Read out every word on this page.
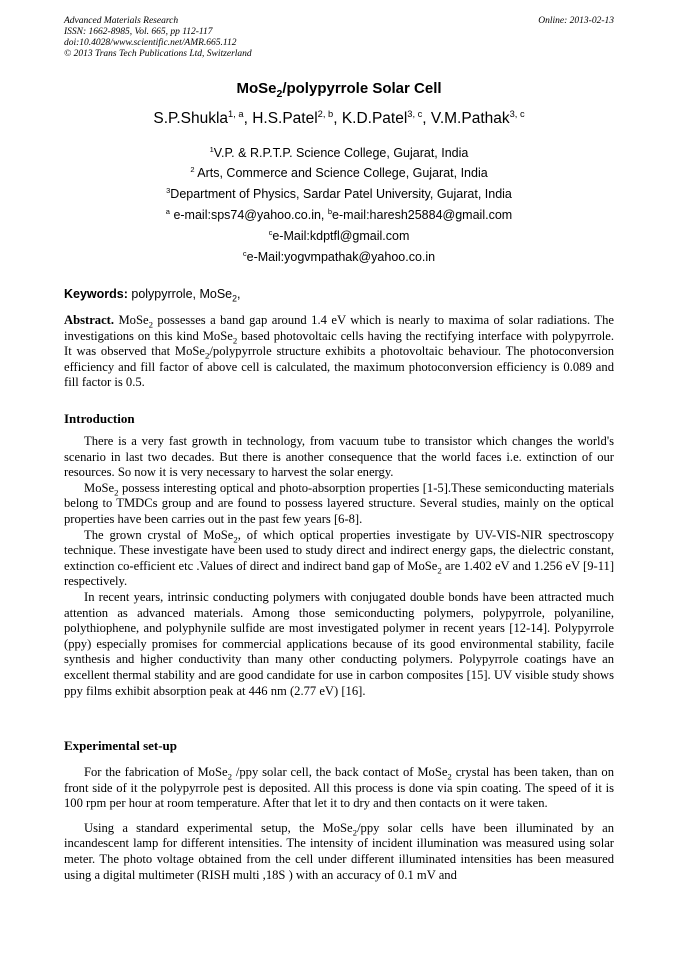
Advanced Materials Research
ISSN: 1662-8985, Vol. 665, pp 112-117
doi:10.4028/www.scientific.net/AMR.665.112
© 2013 Trans Tech Publications Ltd, Switzerland
Online: 2013-02-13
MoSe$_2$/polypyrrole Solar Cell
S.P.Shukla$^{1, a}$, H.S.Patel$^{2, b}$, K.D.Patel$^{3, c}$, V.M.Pathak$^{3, c}$
$^1$V.P. & R.P.T.P. Science College, Gujarat, India
$^2$ Arts, Commerce and Science College, Gujarat, India
$^3$Department of Physics, Sardar Patel University, Gujarat, India
$^a$ e-mail:sps74@yahoo.co.in, $^b$e-mail:haresh25884@gmail.com
$^c$e-Mail:kdptfl@gmail.com
$^c$e-Mail:yogvmpathak@yahoo.co.in
Keywords: polypyrrole, MoSe$_2$,

Abstract. MoSe$_2$ possesses a band gap around 1.4 eV which is nearly to maxima of solar radiations. The investigations on this kind MoSe$_2$ based photovoltaic cells having the rectifying interface with polypyrrole. It was observed that MoSe$_2$/polypyrrole structure exhibits a photovoltaic behaviour. The photoconversion efficiency and fill factor of above cell is calculated, the maximum photoconversion efficiency is 0.089 and fill factor is 0.5.

Introduction

There is a very fast growth in technology, from vacuum tube to transistor which changes the world's scenario in last two decades. But there is another consequence that the world faces i.e. extinction of our resources. So now it is very necessary to harvest the solar energy.

MoSe$_2$ possess interesting optical and photo-absorption properties [1-5].These semiconducting materials belong to TMDCs group and are found to possess layered structure. Several studies, mainly on the optical properties have been carries out in the past few years [6-8].

The grown crystal of MoSe$_2$, of which optical properties investigate by UV-VIS-NIR spectroscopy technique. These investigate have been used to study direct and indirect energy gaps, the dielectric constant, extinction co-efficient etc .Values of direct and indirect band gap of MoSe$_2$ are 1.402 eV and 1.256 eV [9-11] respectively.

In recent years, intrinsic conducting polymers with conjugated double bonds have been attracted much attention as advanced materials. Among those semiconducting polymers, polypyrrole, polyaniline, polythiophene, and polyphynile sulfide are most investigated polymer in recent years [12-14]. Polypyrrole (ppy) especially promises for commercial applications because of its good environmental stability, facile synthesis and higher conductivity than many other conducting polymers. Polypyrrole coatings have an excellent thermal stability and are good candidate for use in carbon composites [15]. UV visible study shows ppy films exhibit absorption peak at 446 nm (2.77 eV) [16].

Experimental set-up

For the fabrication of MoSe$_2$ /ppy solar cell, the back contact of MoSe$_2$ crystal has been taken, than on front side of it the polypyrrole pest is deposited. All this process is done via spin coating. The speed of it is 100 rpm per hour at room temperature. After that let it to dry and then contacts on it were taken.

Using a standard experimental setup, the MoSe$_2$/ppy solar cells have been illuminated by an incandescent lamp for different intensities. The intensity of incident illumination was measured using solar meter. The photo voltage obtained from the cell under different illuminated intensities has been measured using a digital multimeter (RISH multi ,18S ) with an accuracy of 0.1 mV and
